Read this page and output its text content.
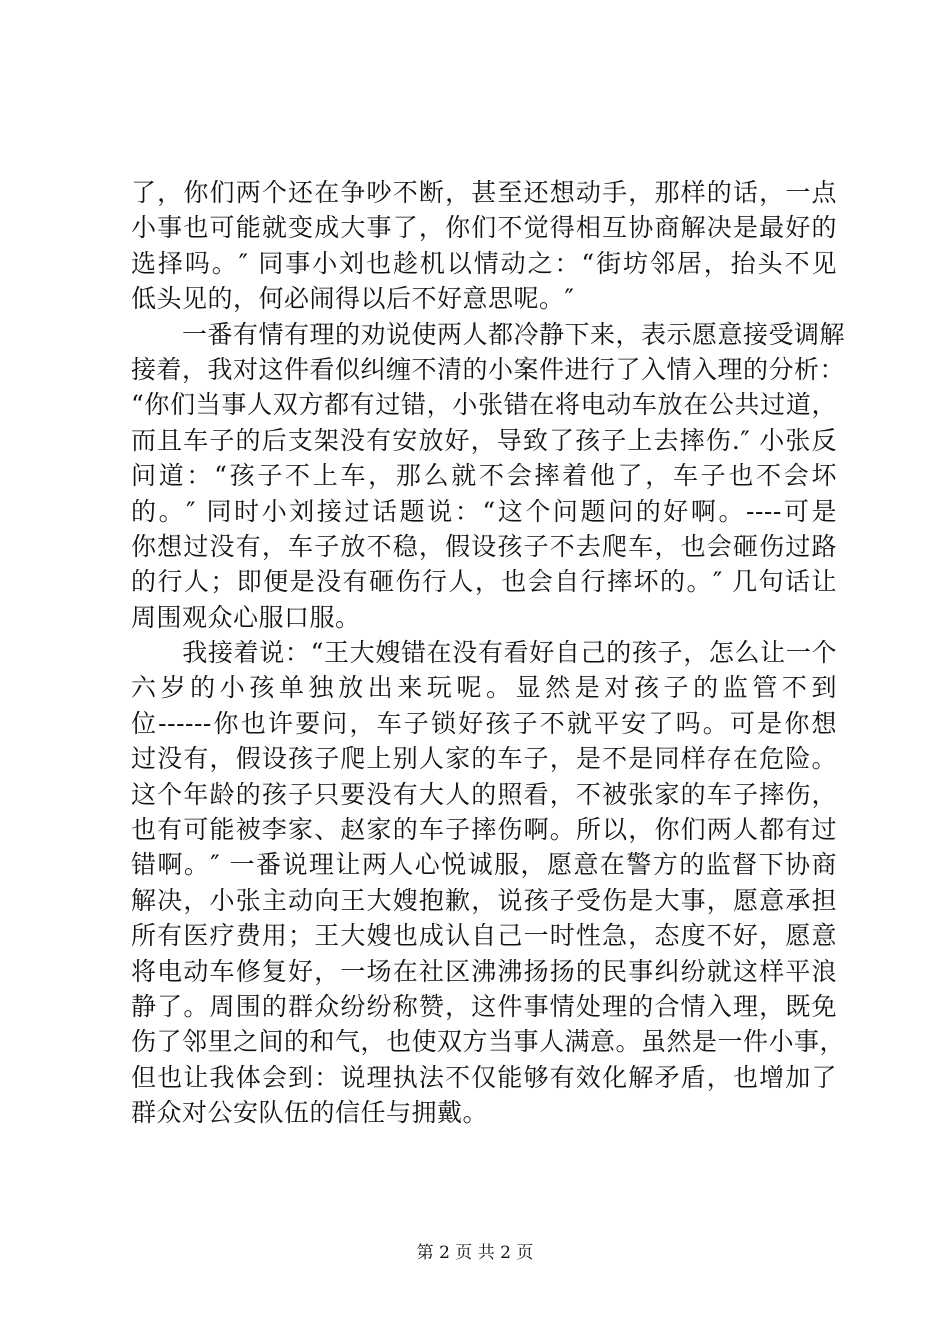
了，你们两个还在争吵不断，甚至还想动手，那样的话，一点
小事也可能就变成大事了，你们不觉得相互协商解决是最好的
选择吗。″ 同事小刘也趁机以情动之：“街坊邻居，抬头不见
低头见的，何必闹得以后不好意思呢。″
　　一番有情有理的劝说使两人都冷静下来，表示愿意接受调解
接着，我对这件看似纠缠不清的小案件进行了入情入理的分析：
“你们当事人双方都有过错，小张错在将电动车放在公共过道，
而且车子的后支架没有安放好，导致了孩子上去摔伤.″ 小张反
问道：“孩子不上车，那么就不会摔着他了，车子也不会坏
的。″ 同时小刘接过话题说：“这个问题问的好啊。----可是
你想过没有，车子放不稳，假设孩子不去爬车，也会砸伤过路
的行人；即便是没有砸伤行人，也会自行摔坏的。″ 几句话让
周围观众心服口服。
　　我接着说：“王大嫂错在没有看好自己的孩子，怎么让一个
六岁的小孩单独放出来玩呢。显然是对孩子的监管不到
位------你也许要问，车子锁好孩子不就平安了吗。可是你想
过没有，假设孩子爬上别人家的车子，是不是同样存在危险。
这个年龄的孩子只要没有大人的照看，不被张家的车子摔伤，
也有可能被李家、赵家的车子摔伤啊。所以，你们两人都有过
错啊。″ 一番说理让两人心悦诚服，愿意在警方的监督下协商
解决，小张主动向王大嫂抱歉，说孩子受伤是大事，愿意承担
所有医疗费用；王大嫂也成认自己一时性急，态度不好，愿意
将电动车修复好，一场在社区沸沸扬扬的民事纠纷就这样平浪
静了。周围的群众纷纷称赞，这件事情处理的合情入理，既免
伤了邻里之间的和气，也使双方当事人满意。虽然是一件小事，
但也让我体会到：说理执法不仅能够有效化解矛盾，也增加了
群众对公安队伍的信任与拥戴。
第 2 页 共 2 页
